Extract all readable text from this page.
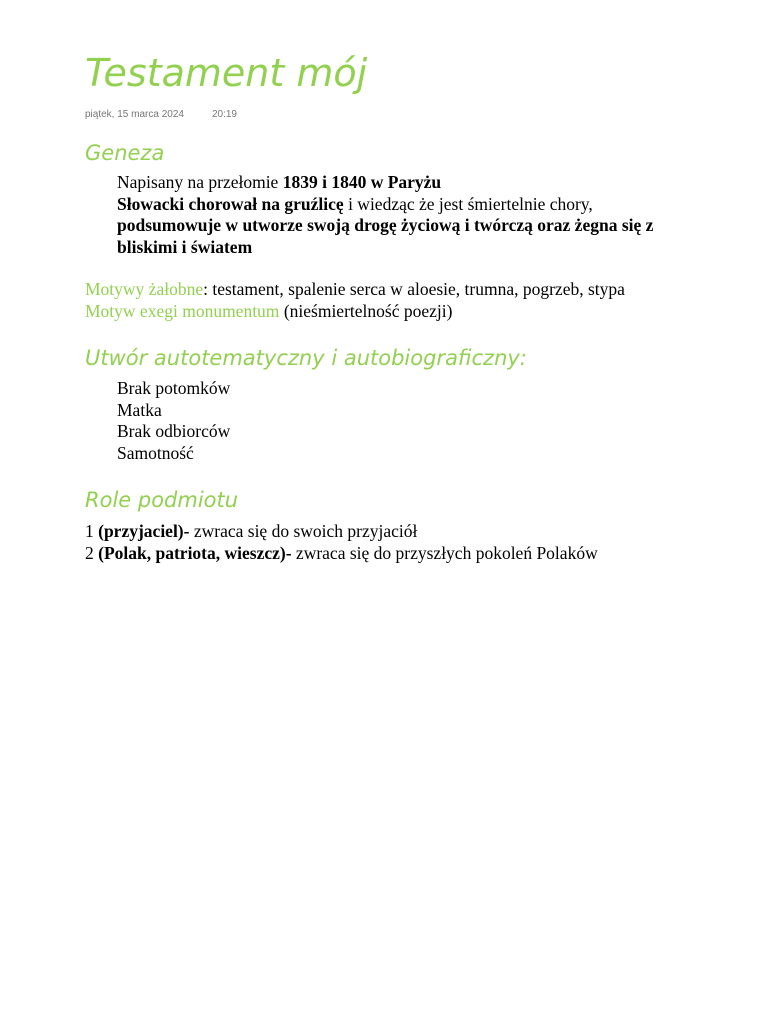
Testament mój
piątek, 15 marca 2024	20:19
Geneza
Napisany na przełomie 1839 i 1840 w Paryżu
Słowacki chorował na gruźlicę i wiedząc że jest śmiertelnie chory,
podsumowuje w utworze swoją drogę życiową i twórczą oraz żegna się z
bliskimi i światem
Motywy żałobne: testament, spalenie serca w aloesie, trumna, pogrzeb, stypa
Motyw exegi monumentum (nieśmiertelność poezji)
Utwór autotematyczny i autobiograficzny:
Brak potomków
Matka
Brak odbiorców
Samotność
Role podmiotu
1 (przyjaciel)- zwraca się do swoich przyjaciół
2 (Polak, patriota, wieszcz)- zwraca się do przyszłych pokoleń Polaków
